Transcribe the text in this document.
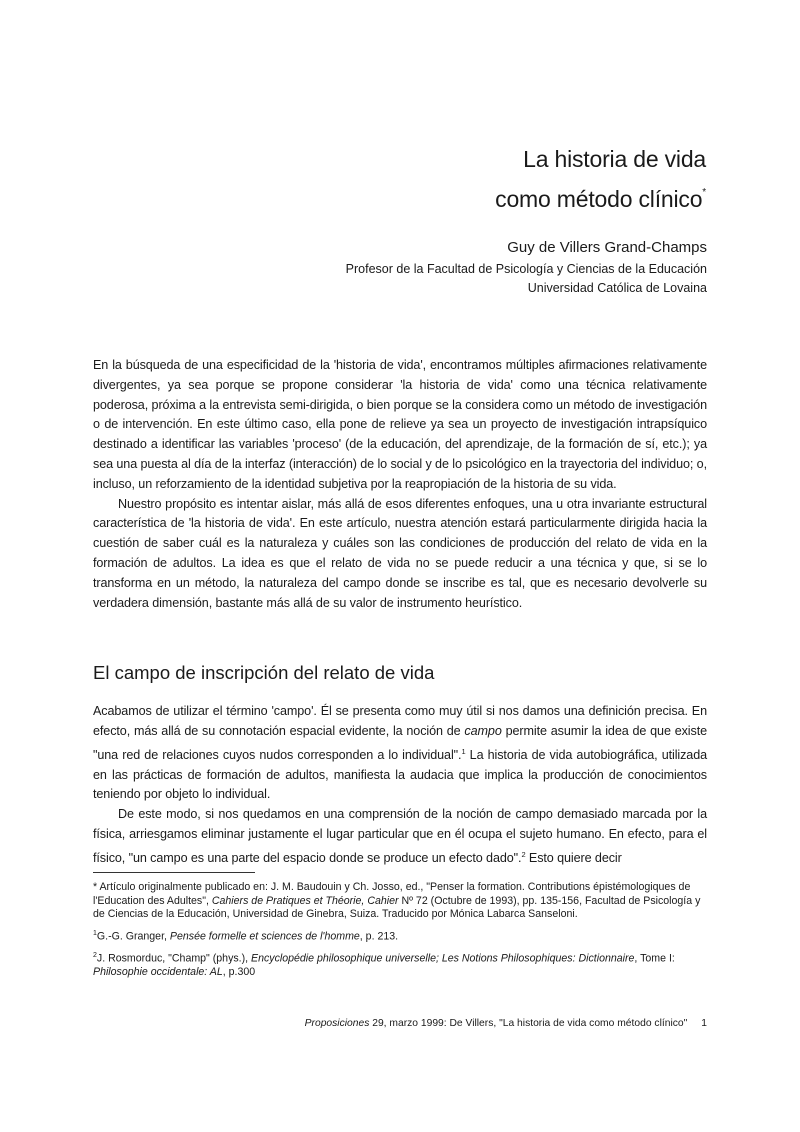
La historia de vida
como método clínico*
Guy de Villers Grand-Champs
Profesor de la Facultad de Psicología y Ciencias de la Educación
Universidad Católica de Lovaina

En la búsqueda de una especificidad de la 'historia de vida', encontramos múltiples afirmaciones relativamente divergentes, ya sea porque se propone considerar 'la historia de vida' como una técnica relativamente poderosa, próxima a la entrevista semi-dirigida, o bien porque se la considera como un método de investigación o de intervención. En este último caso, ella pone de relieve ya sea un proyecto de investigación intrapsíquico destinado a identificar las variables 'proceso' (de la educación, del aprendizaje, de la formación de sí, etc.); ya sea una puesta al día de la interfaz (interacción) de lo social y de lo psicológico en la trayectoria del individuo; o, incluso, un reforzamiento de la identidad subjetiva por la reapropiación de la historia de su vida.

Nuestro propósito es intentar aislar, más allá de esos diferentes enfoques, una u otra invariante estructural característica de 'la historia de vida'. En este artículo, nuestra atención estará particularmente dirigida hacia la cuestión de saber cuál es la naturaleza y cuáles son las condiciones de producción del relato de vida en la formación de adultos. La idea es que el relato de vida no se puede reducir a una técnica y que, si se lo transforma en un método, la naturaleza del campo donde se inscribe es tal, que es necesario devolverle su verdadera dimensión, bastante más allá de su valor de instrumento heurístico.

El campo de inscripción del relato de vida

Acabamos de utilizar el término 'campo'. Él se presenta como muy útil si nos damos una definición precisa. En efecto, más allá de su connotación espacial evidente, la noción de campo permite asumir la idea de que existe "una red de relaciones cuyos nudos corresponden a lo individual".$^1$ La historia de vida autobiográfica, utilizada en las prácticas de formación de adultos, manifiesta la audacia que implica la producción de conocimientos teniendo por objeto lo individual.

De este modo, si nos quedamos en una comprensión de la noción de campo demasiado marcada por la física, arriesgamos eliminar justamente el lugar particular que en él ocupa el sujeto humano. En efecto, para el físico, "un campo es una parte del espacio donde se produce un efecto dado".$^2$ Esto quiere decir

* Artículo originalmente publicado en: J. M. Baudouin y Ch. Josso, ed., "Penser la formation. Contributions épistémologiques de l'Education des Adultes", Cahiers de Pratiques et Théorie, Cahier Nº 72 (Octubre de 1993), pp. 135-156, Facultad de Psicología y de Ciencias de la Educación, Universidad de Ginebra, Suiza. Traducido por Mónica Labarca Sanseloni.

$^1$G.-G. Granger, Pensée formelle et sciences de l'homme, p. 213.

$^2$J. Rosmorduc, "Champ" (phys.), Encyclopédie philosophique universelle; Les Notions Philosophiques: Dictionnaire, Tome I: Philosophie occidentale: AL, p.300

Proposiciones 29, marzo 1999: De Villers, "La historia de vida como método clínico" 1
